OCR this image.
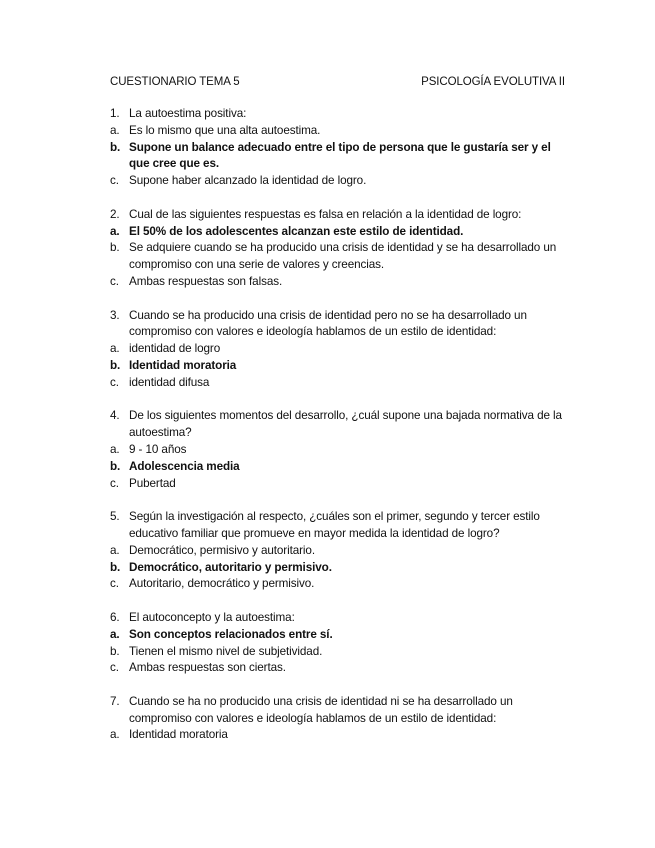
CUESTIONARIO TEMA 5	PSICOLOGÍA EVOLUTIVA II
1. La autoestima positiva:
a. Es lo mismo que una alta autoestima.
b. Supone un balance adecuado entre el tipo de persona que le gustaría ser y el que cree que es.
c. Supone haber alcanzado la identidad de logro.
2. Cual de las siguientes respuestas es falsa en relación a la identidad de logro:
a. El 50% de los adolescentes alcanzan este estilo de identidad.
b. Se adquiere cuando se ha producido una crisis de identidad y se ha desarrollado un compromiso con una serie de valores y creencias.
c. Ambas respuestas son falsas.
3. Cuando se ha producido una crisis de identidad pero no se ha desarrollado un compromiso con valores e ideología hablamos de un estilo de identidad:
a. identidad de logro
b. Identidad moratoria
c. identidad difusa
4. De los siguientes momentos del desarrollo, ¿cuál supone una bajada normativa de la autoestima?
a. 9 - 10 años
b. Adolescencia media
c. Pubertad
5. Según la investigación al respecto, ¿cuáles son el primer, segundo y tercer estilo educativo familiar que promueve en mayor medida la identidad de logro?
a. Democrático, permisivo y autoritario.
b. Democrático, autoritario y permisivo.
c. Autoritario, democrático y permisivo.
6. El autoconcepto y la autoestima:
a. Son conceptos relacionados entre sí.
b. Tienen el mismo nivel de subjetividad.
c. Ambas respuestas son ciertas.
7. Cuando se ha no producido una crisis de identidad ni se ha desarrollado un compromiso con valores e ideología hablamos de un estilo de identidad:
a. Identidad moratoria
